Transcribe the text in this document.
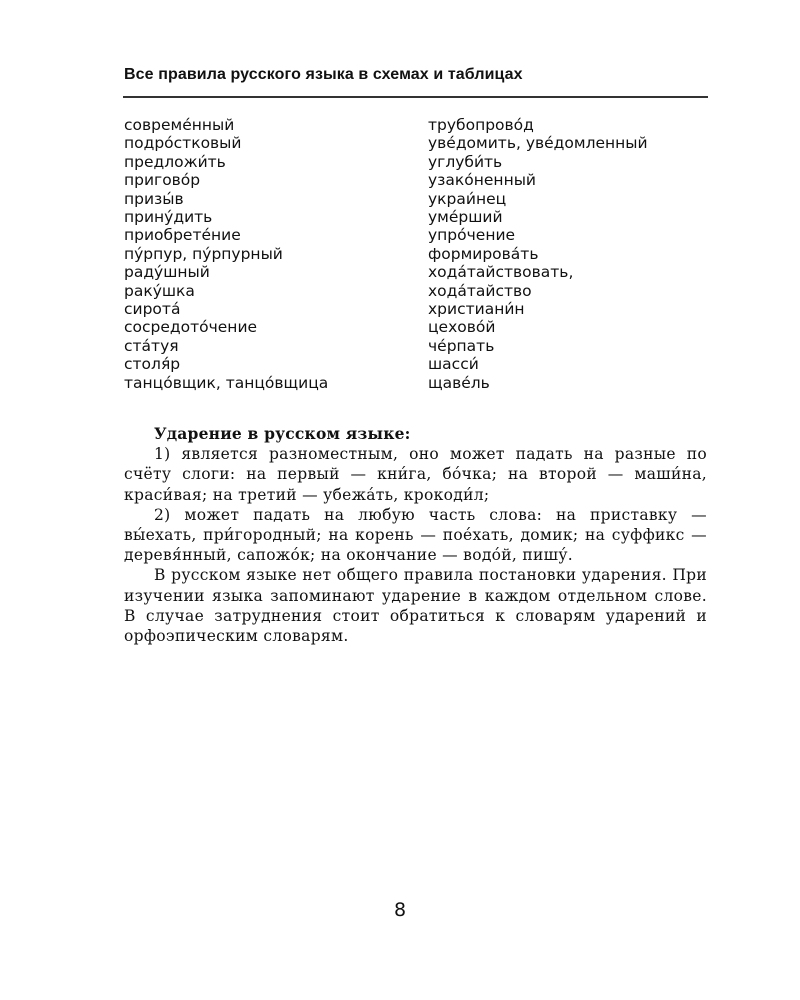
Все правила русского языка в схемах и таблицах
совреме́нный
подро́стковый
предложи́ть
пригово́р
призы́в
прину́дить
приобрете́ние
пу́рпур, пу́рпурный
раду́шный
раку́шка
сирота́
сосредото́чение
ста́туя
столя́р
танцо́вщик, танцо́вщица
трубопрово́д
уве́домить, уве́домленный
углуби́ть
узако́ненный
украи́нец
уме́рший
упро́чение
формирова́ть
хода́тайствовать,
хода́тайство
христиани́н
цехово́й
че́рпать
шасси́
щаве́ль

Ударение в русском языке:

1) является разноместным, оно может падать на разные по счёту слоги: на первый — кни́га, бо́чка; на второй — маши́на, краси́вая; на третий — убежа́ть, крокоди́л;

2) может падать на любую часть слова: на приставку — вы́ехать, при́городный; на корень — пое́хать, домик; на суффикс — деревя́нный, сапожо́к; на окончание — водо́й, пишу́.

В русском языке нет общего правила постановки ударения. При изучении языка запоминают ударение в каждом отдельном слове. В случае затруднения стоит обратиться к словарям ударений и орфоэпическим словарям.

8
